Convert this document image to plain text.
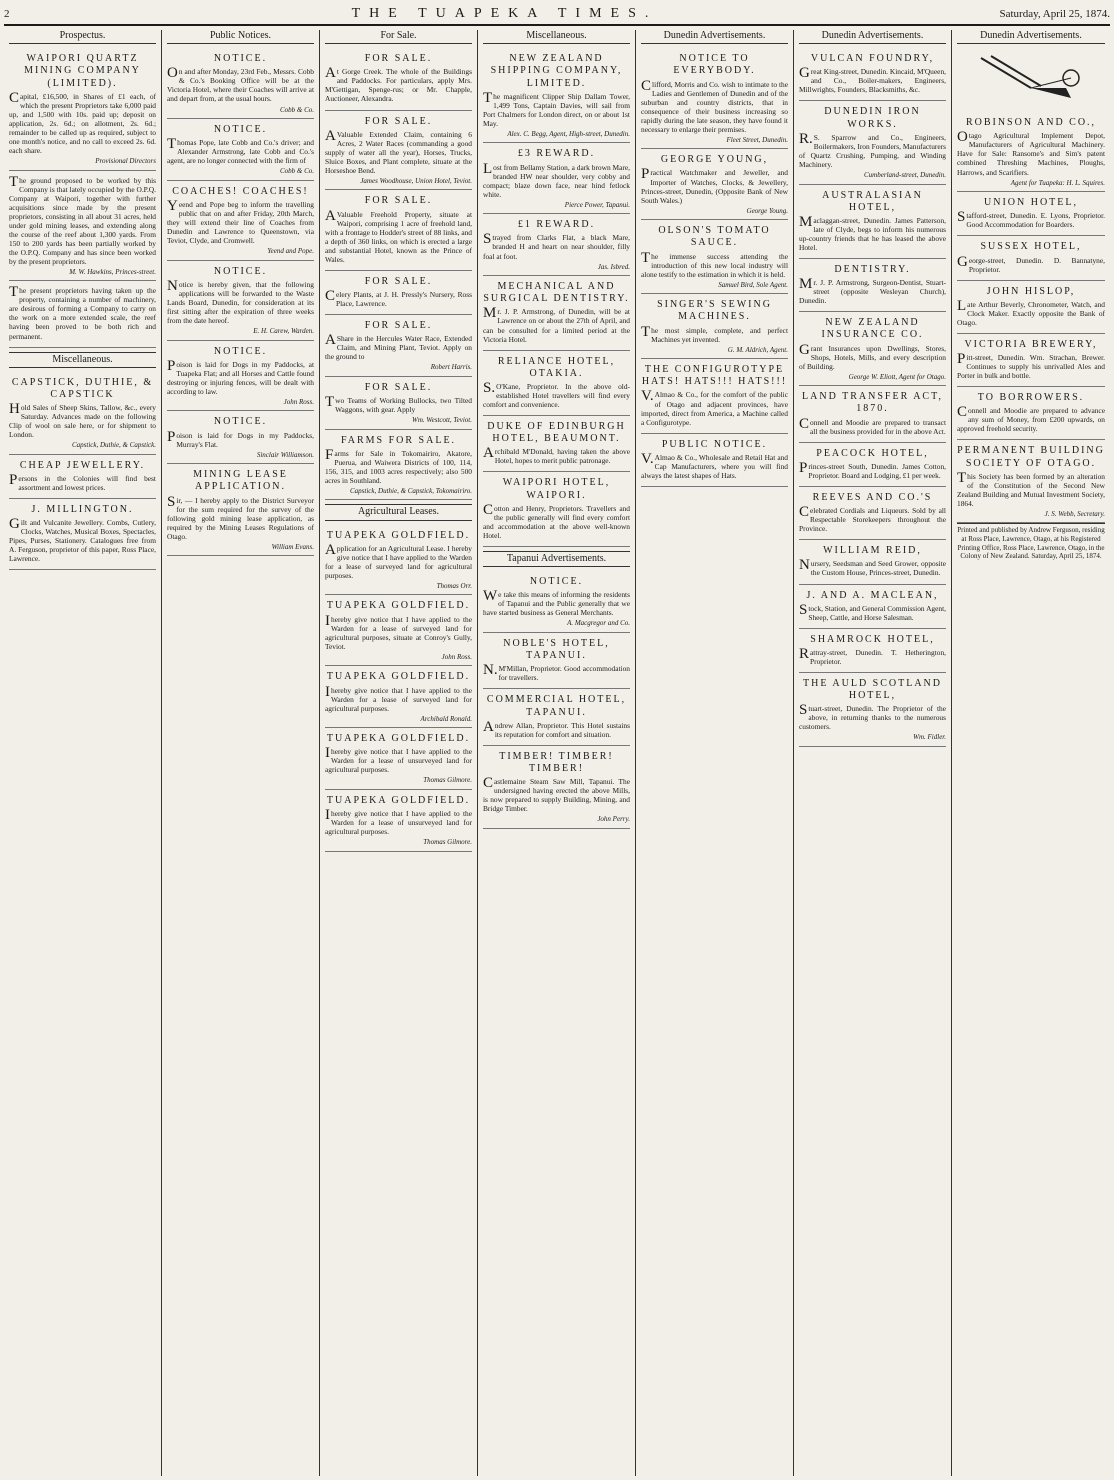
2	THE TUAPEKA TIMES.	Saturday, April 25, 1874.
Prospectus.
WAIPORI QUARTZ MINING COMPANY (LIMITED).

Capital, £16,500, in Shares of £1 each, of which the present Proprietors take 6,000 paid up, and 1,500 with 10s. paid up; deposit on application, 2s. 6d.; on allotment, 2s. 6d.; remainder to be called up as required, subject to one month's notice, and no call to exceed 2s. 6d. each share.

Provisional Directors

The ground proposed to be worked by this Company is that lately occupied by the O.P.Q. Company at Waipori, together with further acquisitions since made by the present proprietors, consisting in all about 31 acres, held under gold mining leases, and extending along the course of the reef about 1,300 yards. From 150 to 200 yards has been partially worked by the O.P.Q. Company and has since been worked by the present proprietors.

M. W. Hawkins, Princes-street.

The present proprietors having taken up the property, containing a number of machinery, are desirous of forming a Company to carry on the work on a more extended scale, the reef having been proved to be both rich and permanent.

Miscellaneous.
CAPSTICK, DUTHIE, & CAPSTICK

Hold Sales of Sheep Skins, Tallow, &c., every Saturday. Advances made on the following Clip of wool on sale here, or for shipment to London.

Capstick, Duthie, & Capstick.
CHEAP JEWELLERY.

Persons in the Colonies will find best assortment and lowest prices.

J. MILLINGTON.

Gilt and Vulcanite Jewellery. Combs, Cutlery, Clocks, Watches, Musical Boxes, Spectacles, Pipes, Purses, Stationery. Catalogues free from A. Ferguson, proprietor of this paper, Ross Place, Lawrence.

Public Notices.
NOTICE.

On and after Monday, 23rd Feb., Messrs. Cobb & Co.'s Booking Office will be at the Victoria Hotel, where their Coaches will arrive at and depart from, at the usual hours.

Cobb & Co.
NOTICE.

Thomas Pope, late Cobb and Co.'s driver; and Alexander Armstrong, late Cobb and Co.'s agent, are no longer connected with the firm of

Cobb & Co.
COACHES! COACHES!

Yeend and Pope beg to inform the travelling public that on and after Friday, 20th March, they will extend their line of Coaches from Dunedin and Lawrence to Queenstown, via Teviot, Clyde, and Cromwell.

Yeend and Pope.
NOTICE.

Notice is hereby given, that the following applications will be forwarded to the Waste Lands Board, Dunedin, for consideration at its first sitting after the expiration of three weeks from the date hereof.

E. H. Carew, Warden.
NOTICE.

Poison is laid for Dogs in my Paddocks, at Tuapeka Flat; and all Horses and Cattle found destroying or injuring fences, will be dealt with according to law.

John Ross.
NOTICE.

Poison is laid for Dogs in my Paddocks, Murray's Flat.

Sinclair Williamson.
MINING LEASE APPLICATION.

Sir, — I hereby apply to the District Surveyor for the sum required for the survey of the following gold mining lease application, as required by the Mining Leases Regulations of Otago.

William Evans.
For Sale.
FOR SALE.

At Gorge Creek. The whole of the Buildings and Paddocks. For particulars, apply Mrs. M'Gettigan, Spenge-rus; or Mr. Chapple, Auctioneer, Alexandra.

FOR SALE.

AValuable Extended Claim, containing 6 Acres, 2 Water Races (commanding a good supply of water all the year), Horses, Trucks, Sluice Boxes, and Plant complete, situate at the Horseshoe Bend.

James Woodhouse, Union Hotel, Teviot.
FOR SALE.

AValuable Freehold Property, situate at Waipori, comprising 1 acre of freehold land, with a frontage to Hodder's street of 88 links, and a depth of 360 links, on which is erected a large and substantial Hotel, known as the Prince of Wales.

FOR SALE.

Celery Plants, at J. H. Pressly's Nursery, Ross Place, Lawrence.

FOR SALE.

AShare in the Hercules Water Race, Extended Claim, and Mining Plant, Teviot. Apply on the ground to

Robert Harris.
FOR SALE.

Two Teams of Working Bullocks, two Tilted Waggons, with gear. Apply

Wm. Westcott, Teviot.
FARMS FOR SALE.

Farms for Sale in Tokomairiro, Akatore, Puerua, and Waiwera Districts of 100, 114, 156, 315, and 1003 acres respectively; also 500 acres in Southland.

Capstick, Duthie, & Capstick, Tokomairiro.
Agricultural Leases.
TUAPEKA GOLDFIELD.

Application for an Agricultural Lease. I hereby give notice that I have applied to the Warden for a lease of surveyed land for agricultural purposes.

Thomas Orr.
TUAPEKA GOLDFIELD.

Ihereby give notice that I have applied to the Warden for a lease of surveyed land for agricultural purposes, situate at Conroy's Gully, Teviot.

John Ross.
TUAPEKA GOLDFIELD.

Ihereby give notice that I have applied to the Warden for a lease of surveyed land for agricultural purposes.

Archibald Ronald.
TUAPEKA GOLDFIELD.

Ihereby give notice that I have applied to the Warden for a lease of unsurveyed land for agricultural purposes.

Thomas Gilmore.
TUAPEKA GOLDFIELD.

Ihereby give notice that I have applied to the Warden for a lease of unsurveyed land for agricultural purposes.

Thomas Gilmore.
Miscellaneous.
NEW ZEALAND SHIPPING COMPANY, LIMITED.

The magnificent Clipper Ship Dallam Tower, 1,499 Tons, Captain Davies, will sail from Port Chalmers for London direct, on or about 1st May.

Alex. C. Begg, Agent, High-street, Dunedin.
£3 REWARD.

Lost from Bellamy Station, a dark brown Mare, branded HW near shoulder, very cobby and compact; blaze down face, near hind fetlock white.

Pierce Power, Tapanui.
£1 REWARD.

Strayed from Clarks Flat, a black Mare, branded H and heart on near shoulder, filly foal at foot.

Jas. Isbred.
MECHANICAL AND SURGICAL DENTISTRY.

Mr. J. P. Armstrong, of Dunedin, will be at Lawrence on or about the 27th of April, and can be consulted for a limited period at the Victoria Hotel.

RELIANCE HOTEL, OTAKIA.

S.O'Kane, Proprietor. In the above old-established Hotel travellers will find every comfort and convenience.

DUKE OF EDINBURGH HOTEL, BEAUMONT.

Archibald M'Donald, having taken the above Hotel, hopes to merit public patronage.

WAIPORI HOTEL, WAIPORI.

Cotton and Henry, Proprietors. Travellers and the public generally will find every comfort and accommodation at the above well-known Hotel.

Tapanui Advertisements.
NOTICE.

We take this means of informing the residents of Tapanui and the Public generally that we have started business as General Merchants.

A. Macgregor and Co.
NOBLE'S HOTEL, TAPANUI.

N.M'Millan, Proprietor. Good accommodation for travellers.

COMMERCIAL HOTEL, TAPANUI.

Andrew Allan, Proprietor. This Hotel sustains its reputation for comfort and situation.

TIMBER! TIMBER! TIMBER!

Castlemaine Steam Saw Mill, Tapanui. The undersigned having erected the above Mills, is now prepared to supply Building, Mining, and Bridge Timber.

John Perry.
Dunedin Advertisements.
NOTICE TO EVERYBODY.

Clifford, Morris and Co. wish to intimate to the Ladies and Gentlemen of Dunedin and of the suburban and country districts, that in consequence of their business increasing so rapidly during the late season, they have found it necessary to enlarge their premises.

Fleet Street, Dunedin.
GEORGE YOUNG,

Practical Watchmaker and Jeweller, and Importer of Watches, Clocks, & Jewellery, Princes-street, Dunedin, (Opposite Bank of New South Wales.)

George Young.
OLSON'S TOMATO SAUCE.

The immense success attending the introduction of this new local industry will alone testify to the estimation in which it is held.

Samuel Bird, Sole Agent.
SINGER'S SEWING MACHINES.

The most simple, complete, and perfect Machines yet invented.

G. M. Aldrich, Agent.
THE CONFIGUROTYPE HATS! HATS!!! HATS!!!

V.Almao & Co., for the comfort of the public of Otago and adjacent provinces, have imported, direct from America, a Machine called a Configurotype.

PUBLIC NOTICE.

V.Almao & Co., Wholesale and Retail Hat and Cap Manufacturers, where you will find always the latest shapes of Hats.

Dunedin Advertisements.
VULCAN FOUNDRY,

Great King-street, Dunedin. Kincaid, M'Queen, and Co., Boiler-makers, Engineers, Millwrights, Founders, Blacksmiths, &c.

DUNEDIN IRON WORKS.

R.S. Sparrow and Co., Engineers, Boilermakers, Iron Founders, Manufacturers of Quartz Crushing, Pumping, and Winding Machinery.

Cumberland-street, Dunedin.
AUSTRALASIAN HOTEL,

Maclaggan-street, Dunedin. James Patterson, late of Clyde, begs to inform his numerous up-country friends that he has leased the above Hotel.

DENTISTRY.

Mr. J. P. Armstrong, Surgeon-Dentist, Stuart-street (opposite Wesleyan Church), Dunedin.

NEW ZEALAND INSURANCE CO.

Grant Insurances upon Dwellings, Stores, Shops, Hotels, Mills, and every description of Building.

George W. Eliott, Agent for Otago.
LAND TRANSFER ACT, 1870.

Connell and Moodie are prepared to transact all the business provided for in the above Act.

PEACOCK HOTEL,

Princes-street South, Dunedin. James Cotton, Proprietor. Board and Lodging, £1 per week.

REEVES AND CO.'S

Celebrated Cordials and Liqueurs. Sold by all Respectable Storekeepers throughout the Province.

WILLIAM REID,

Nursery, Seedsman and Seed Grower, opposite the Custom House, Princes-street, Dunedin.

J. AND A. MACLEAN,

Stock, Station, and General Commission Agent, Sheep, Cattle, and Horse Salesman.

SHAMROCK HOTEL,

Rattray-street, Dunedin. T. Hetherington, Proprietor.

THE AULD SCOTLAND HOTEL,

Stuart-street, Dunedin. The Proprietor of the above, in returning thanks to the numerous customers.

Wm. Fidler.
Dunedin Advertisements.
ROBINSON AND CO.,

Otago Agricultural Implement Depot, Manufacturers of Agricultural Machinery. Have for Sale: Ransome's and Sim's patent combined Threshing Machines, Ploughs, Harrows, and Scarifiers.

Agent for Tuapeka: H. L. Squires.
UNION HOTEL,

Stafford-street, Dunedin. E. Lyons, Proprietor. Good Accommodation for Boarders.

SUSSEX HOTEL,

George-street, Dunedin. D. Bannatyne, Proprietor.

JOHN HISLOP,

Late Arthur Beverly, Chronometer, Watch, and Clock Maker. Exactly opposite the Bank of Otago.

VICTORIA BREWERY,

Pitt-street, Dunedin. Wm. Strachan, Brewer. Continues to supply his unrivalled Ales and Porter in bulk and bottle.

TO BORROWERS.

Connell and Moodie are prepared to advance any sum of Money, from £200 upwards, on approved freehold security.

PERMANENT BUILDING SOCIETY OF OTAGO.

This Society has been formed by an alteration of the Constitution of the Second New Zealand Building and Mutual Investment Society, 1864.

J. S. Webb, Secretary.
Printed and published by Andrew Ferguson, residing at Ross Place, Lawrence, Otago, at his Registered Printing Office, Ross Place, Lawrence, Otago, in the Colony of New Zealand. Saturday, April 25, 1874.
